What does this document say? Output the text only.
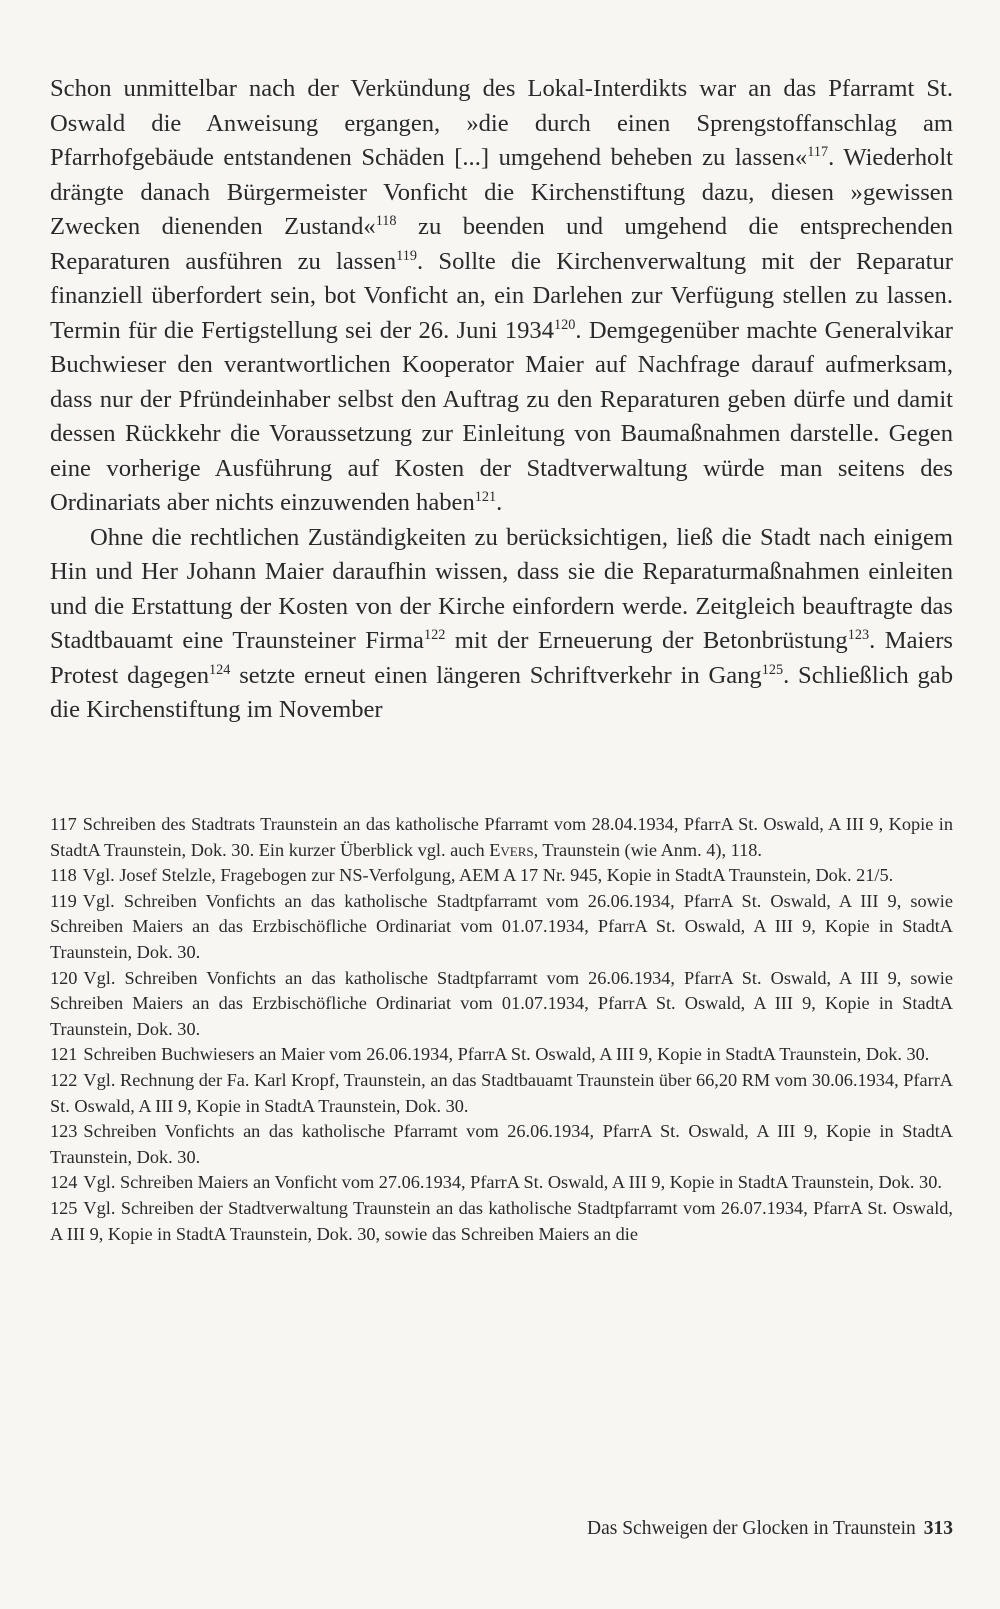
Schon unmittelbar nach der Verkündung des Lokal-Interdikts war an das Pfarramt St. Oswald die Anweisung ergangen, »die durch einen Sprengstoffanschlag am Pfarrhofgebäude entstandenen Schäden [...] umgehend beheben zu lassen«$^{117}$. Wiederholt drängte danach Bürgermeister Vonficht die Kirchenstiftung dazu, diesen »gewissen Zwecken dienenden Zustand«$^{118}$ zu beenden und umgehend die entsprechenden Reparaturen ausführen zu lassen$^{119}$. Sollte die Kirchenverwaltung mit der Reparatur finanziell überfordert sein, bot Vonficht an, ein Darlehen zur Verfügung stellen zu lassen. Termin für die Fertigstellung sei der 26. Juni 1934$^{120}$. Demgegenüber machte Generalvikar Buchwieser den verantwortlichen Kooperator Maier auf Nachfrage darauf aufmerksam, dass nur der Pfründeinhaber selbst den Auftrag zu den Reparaturen geben dürfe und damit dessen Rückkehr die Voraussetzung zur Einleitung von Baumaßnahmen darstelle. Gegen eine vorherige Ausführung auf Kosten der Stadtverwaltung würde man seitens des Ordinariats aber nichts einzuwenden haben$^{121}$.

Ohne die rechtlichen Zuständigkeiten zu berücksichtigen, ließ die Stadt nach einigem Hin und Her Johann Maier daraufhin wissen, dass sie die Reparaturmaßnahmen einleiten und die Erstattung der Kosten von der Kirche einfordern werde. Zeitgleich beauftragte das Stadtbauamt eine Traunsteiner Firma$^{122}$ mit der Erneuerung der Betonbrüstung$^{123}$. Maiers Protest dagegen$^{124}$ setzte erneut einen längeren Schriftverkehr in Gang$^{125}$. Schließlich gab die Kirchenstiftung im November

117 Schreiben des Stadtrats Traunstein an das katholische Pfarramt vom 28.04.1934, PfarrA St. Oswald, A III 9, Kopie in StadtA Traunstein, Dok. 30. Ein kurzer Überblick vgl. auch Evers, Traunstein (wie Anm. 4), 118.

118 Vgl. Josef Stelzle, Fragebogen zur NS-Verfolgung, AEM A 17 Nr. 945, Kopie in StadtA Traunstein, Dok. 21/5.

119 Vgl. Schreiben Vonfichts an das katholische Stadtpfarramt vom 26.06.1934, PfarrA St. Oswald, A III 9, sowie Schreiben Maiers an das Erzbischöfliche Ordinariat vom 01.07.1934, PfarrA St. Oswald, A III 9, Kopie in StadtA Traunstein, Dok. 30.

120 Vgl. Schreiben Vonfichts an das katholische Stadtpfarramt vom 26.06.1934, PfarrA St. Oswald, A III 9, sowie Schreiben Maiers an das Erzbischöfliche Ordinariat vom 01.07.1934, PfarrA St. Oswald, A III 9, Kopie in StadtA Traunstein, Dok. 30.

121 Schreiben Buchwiesers an Maier vom 26.06.1934, PfarrA St. Oswald, A III 9, Kopie in StadtA Traunstein, Dok. 30.

122 Vgl. Rechnung der Fa. Karl Kropf, Traunstein, an das Stadtbauamt Traunstein über 66,20 RM vom 30.06.1934, PfarrA St. Oswald, A III 9, Kopie in StadtA Traunstein, Dok. 30.

123 Schreiben Vonfichts an das katholische Pfarramt vom 26.06.1934, PfarrA St. Oswald, A III 9, Kopie in StadtA Traunstein, Dok. 30.

124 Vgl. Schreiben Maiers an Vonficht vom 27.06.1934, PfarrA St. Oswald, A III 9, Kopie in StadtA Traunstein, Dok. 30.

125 Vgl. Schreiben der Stadtverwaltung Traunstein an das katholische Stadtpfarramt vom 26.07.1934, PfarrA St. Oswald, A III 9, Kopie in StadtA Traunstein, Dok. 30, sowie das Schreiben Maiers an die

Das Schweigen der Glocken in Traunstein 313
